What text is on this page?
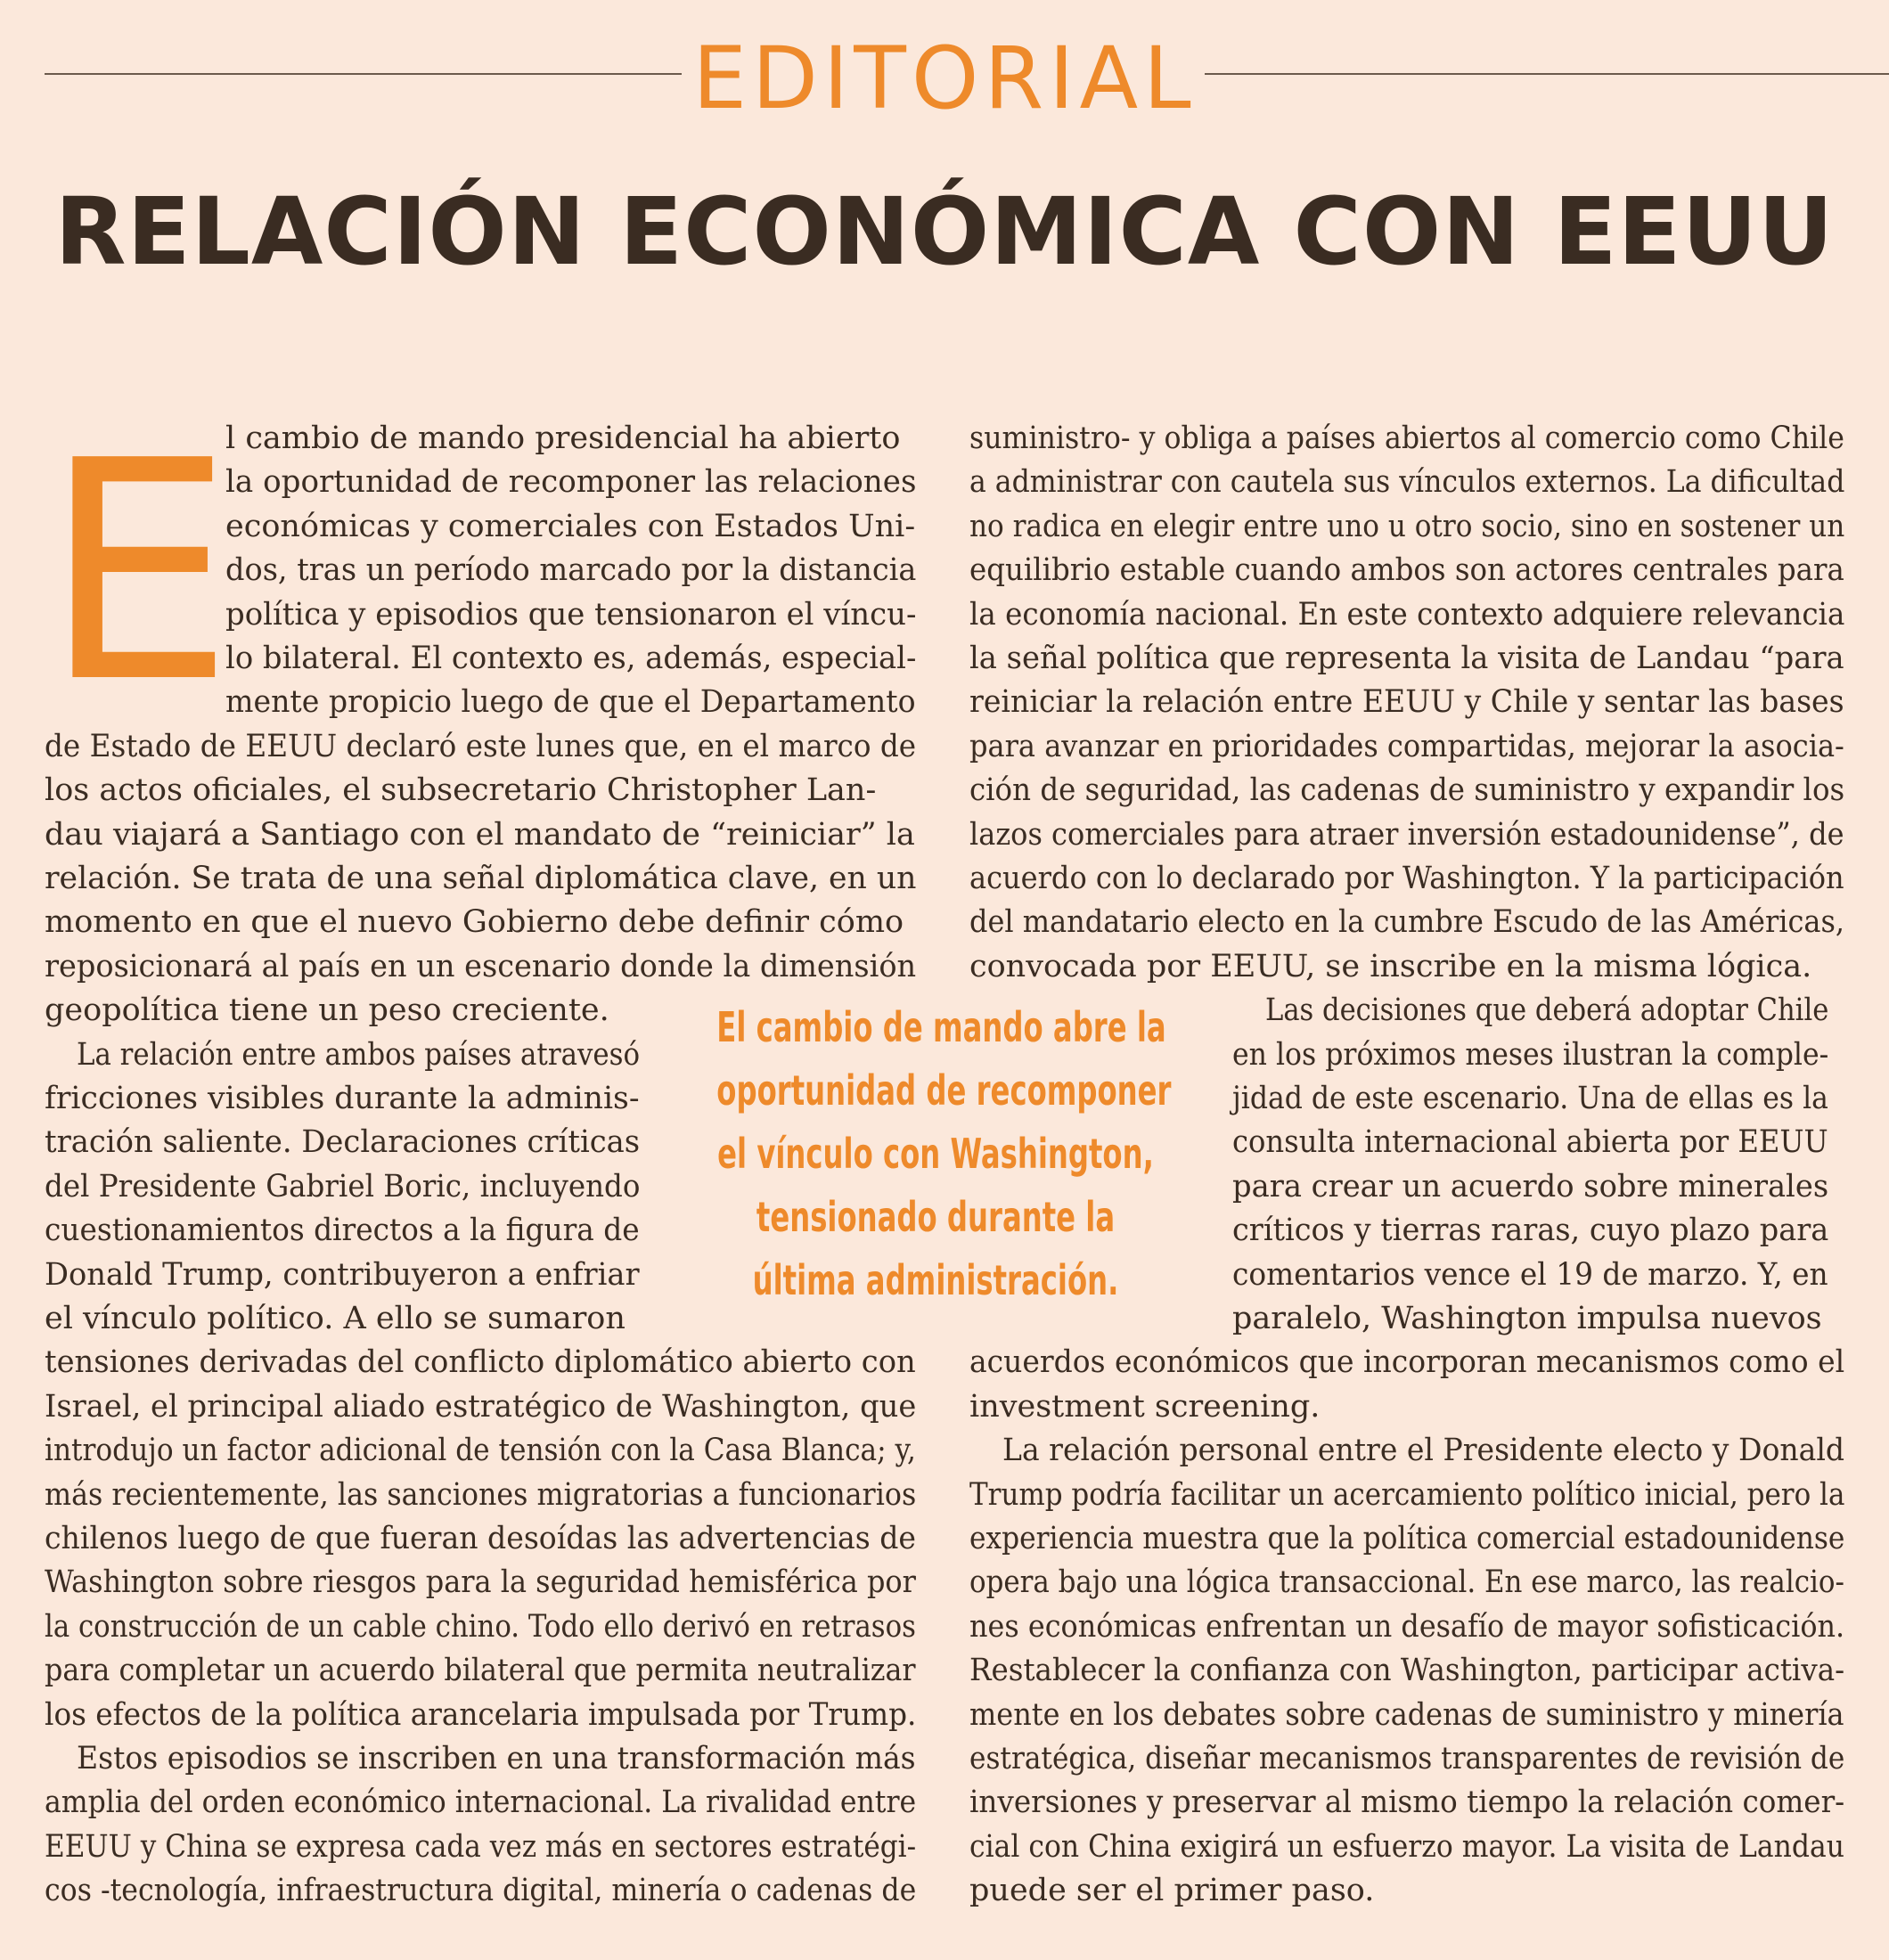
EDITORIAL
RELACIÓN ECONÓMICA CON EEUU
E
l cambio de mando presidencial ha abierto
la oportunidad de recomponer las relaciones
económicas y comerciales con Estados Uni-
dos, tras un período marcado por la distancia
política y episodios que tensionaron el víncu-
lo bilateral. El contexto es, además, especial-
mente propicio luego de que el Departamento
de Estado de EEUU declaró este lunes que, en el marco de
los actos oficiales, el subsecretario Christopher Lan-
dau viajará a Santiago con el mandato de “reiniciar” la
relación. Se trata de una señal diplomática clave, en un
momento en que el nuevo Gobierno debe definir cómo
reposicionará al país en un escenario donde la dimensión
geopolítica tiene un peso creciente.
La relación entre ambos países atravesó
fricciones visibles durante la adminis-
tración saliente. Declaraciones críticas
del Presidente Gabriel Boric, incluyendo
cuestionamientos directos a la figura de
Donald Trump, contribuyeron a enfriar
el vínculo político. A ello se sumaron
tensiones derivadas del conflicto diplomático abierto con
Israel, el principal aliado estratégico de Washington, que
introdujo un factor adicional de tensión con la Casa Blanca; y,
más recientemente, las sanciones migratorias a funcionarios
chilenos luego de que fueran desoídas las advertencias de
Washington sobre riesgos para la seguridad hemisférica por
la construcción de un cable chino. Todo ello derivó en retrasos
para completar un acuerdo bilateral que permita neutralizar
los efectos de la política arancelaria impulsada por Trump.
Estos episodios se inscriben en una transformación más
amplia del orden económico internacional. La rivalidad entre
EEUU y China se expresa cada vez más en sectores estratégi-
cos -tecnología, infraestructura digital, minería o cadenas de
suministro- y obliga a países abiertos al comercio como Chile
a administrar con cautela sus vínculos externos. La dificultad
no radica en elegir entre uno u otro socio, sino en sostener un
equilibrio estable cuando ambos son actores centrales para
la economía nacional. En este contexto adquiere relevancia
la señal política que representa la visita de Landau “para
reiniciar la relación entre EEUU y Chile y sentar las bases
para avanzar en prioridades compartidas, mejorar la asocia-
ción de seguridad, las cadenas de suministro y expandir los
lazos comerciales para atraer inversión estadounidense”, de
acuerdo con lo declarado por Washington. Y la participación
del mandatario electo en la cumbre Escudo de las Américas,
convocada por EEUU, se inscribe en la misma lógica.
Las decisiones que deberá adoptar Chile
en los próximos meses ilustran la comple-
jidad de este escenario. Una de ellas es la
consulta internacional abierta por EEUU
para crear un acuerdo sobre minerales
críticos y tierras raras, cuyo plazo para
comentarios vence el 19 de marzo. Y, en
paralelo, Washington impulsa nuevos
acuerdos económicos que incorporan mecanismos como el
investment screening.
La relación personal entre el Presidente electo y Donald
Trump podría facilitar un acercamiento político inicial, pero la
experiencia muestra que la política comercial estadounidense
opera bajo una lógica transaccional. En ese marco, las realcio-
nes económicas enfrentan un desafío de mayor sofisticación.
Restablecer la confianza con Washington, participar activa-
mente en los debates sobre cadenas de suministro y minería
estratégica, diseñar mecanismos transparentes de revisión de
inversiones y preservar al mismo tiempo la relación comer-
cial con China exigirá un esfuerzo mayor. La visita de Landau
puede ser el primer paso.
El cambio de mando abre la
oportunidad de recomponer
el vínculo con Washington,
tensionado durante la
última administración.
